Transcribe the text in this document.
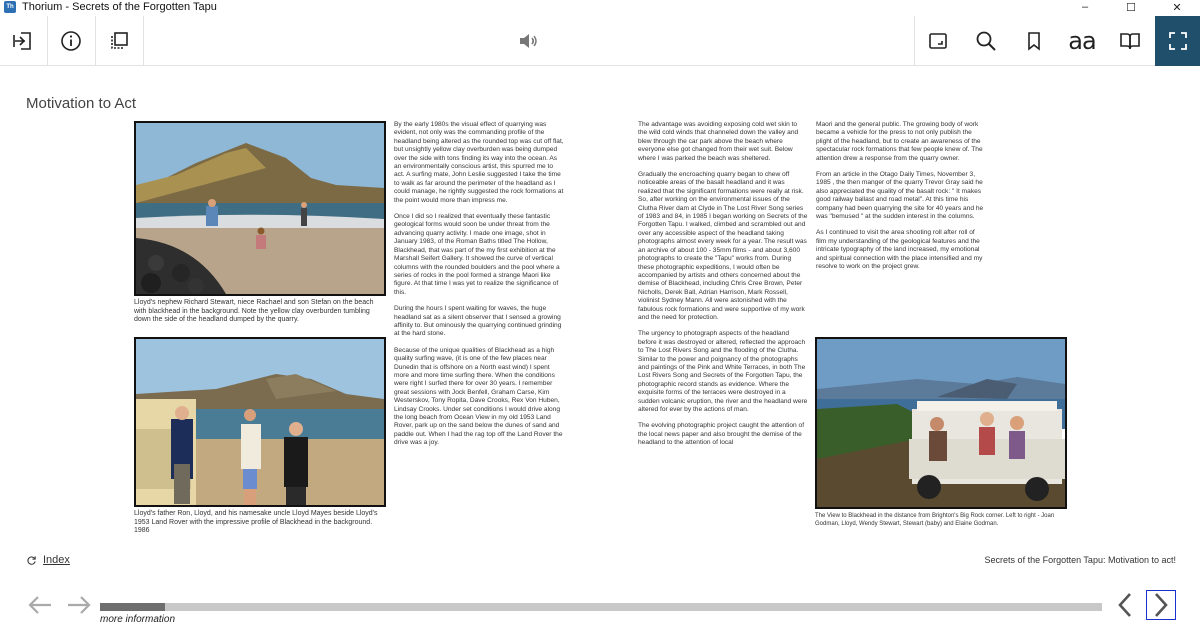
Th Thorium - Secrets of the Forgotten Tapu	–	☐	✕
aa
Motivation to Act
Lloyd's nephew Richard Stewart, niece Rachael and son Stefan on the beach with blackhead in the background. Note the yellow clay overburden tumbling down the side of the headland dumped by the quarry.
Lloyd's father Ron, Lloyd, and his namesake uncle Lloyd Mayes beside Lloyd's 1953 Land Rover with the impressive profile of Blackhead in the background. 1986

By the early 1980s the visual effect of quarrying was evident, not only was the commanding profile of the headland being altered as the rounded top was cut off flat, but unsightly yellow clay overburden was being dumped over the side with tons finding its way into the ocean. As an environmentally conscious artist, this spurred me to act. A surfing mate, John Leslie suggested I take the time to walk as far around the perimeter of the headland as I could manage, he rightly suggested the rock formations at the point would more than impress me.

Once I did so I realized that eventually these fantastic geological forms would soon be under threat from the advancing quarry activity. I made one image, shot in January 1983, of the Roman Baths titled The Hollow, Blackhead, that was part of the my first exhibition at the Marshall Seifert Gallery. It showed the curve of vertical columns with the rounded boulders and the pool where a series of rocks in the pool formed a strange Maori like figure. At that time I was yet to realize the significance of this.

During the hours I spent waiting for waves, the huge headland sat as a silent observer that I sensed a growing affinity to. But ominously the quarrying continued grinding at the hard stone.

Because of the unique qualities of Blackhead as a high quality surfing wave, (it is one of the few places near Dunedin that is offshore on a North east wind) I spent more and more time surfing there. When the conditions were right I surfed there for over 30 years. I remember great sessions with Jock Benfell, Graham Carse, Kim Westerskov, Tony Ropita, Dave Crooks, Rex Von Huben, Lindsay Crooks. Under set conditions I would drive along the long beach from Ocean View in my old 1953 Land Rover, park up on the sand below the dunes of sand and paddle out. When I had the rag top off the Land Rover the drive was a joy.

The advantage was avoiding exposing cold wet skin to the wild cold winds that channeled down the valley and blew through the car park above the beach where everyone else got changed from their wet suit. Below where I was parked the beach was sheltered.

Gradually the encroaching quarry began to chew off noticeable areas of the basalt headland and it was realized that the significant formations were really at risk. So, after working on the environmental issues of the Clutha River dam at Clyde in The Lost River Song series of 1983 and 84, in 1985 I began working on Secrets of the Forgotten Tapu. I walked, climbed and scrambled out and over any accessible aspect of the headland taking photographs almost every week for a year. The result was an archive of about 100 - 35mm films - and about 3,600 photographs to create the "Tapu" works from. During these photographic expeditions, I would often be accompanied by artists and others concerned about the demise of Blackhead, including Chris Cree Brown, Peter Nicholls, Derek Ball, Adrian Harrison, Mark Rossell, violinist Sydney Mann. All were astonished with the fabulous rock formations and were supportive of my work and the need for protection.

The urgency to photograph aspects of the headland before it was destroyed or altered, reflected the approach to The Lost Rivers Song and the flooding of the Clutha. Similar to the power and poignancy of the photographs and paintings of the Pink and White Terraces, in both The Lost Rivers Song and Secrets of the Forgotten Tapu, the photographic record stands as evidence. Where the exquisite forms of the terraces were destroyed in a sudden volcanic eruption, the river and the headland were altered for ever by the actions of man.

The evolving photographic project caught the attention of the local news paper and also brought the demise of the headland to the attention of local

Maori and the general public. The growing body of work became a vehicle for the press to not only publish the plight of the headland, but to create an awareness of the spectacular rock formations that few people knew of. The attention drew a response from the quarry owner.

From an article in the Otago Daily Times, November 3, 1985 , the then manger of the quarry Trevor Gray said he also appreciated the quality of the basalt rock: " It makes good railway ballast and road metal". At this time his company had been quarrying the site for 40 years and he was "bemused " at the sudden interest in the columns.

As I continued to visit the area shooting roll after roll of film my understanding of the geological features and the intricate typography of the land increased, my emotional and spiritual connection with the place intensified and my resolve to work on the project grew.

The View to Blackhead in the distance from Brighton's Big Rock corner. Left to right - Joan Godman, Lloyd, Wendy Stewart, Stewart (baby) and Elaine Godman.
Index	Secrets of the Forgotten Tapu: Motivation to act!
more information
